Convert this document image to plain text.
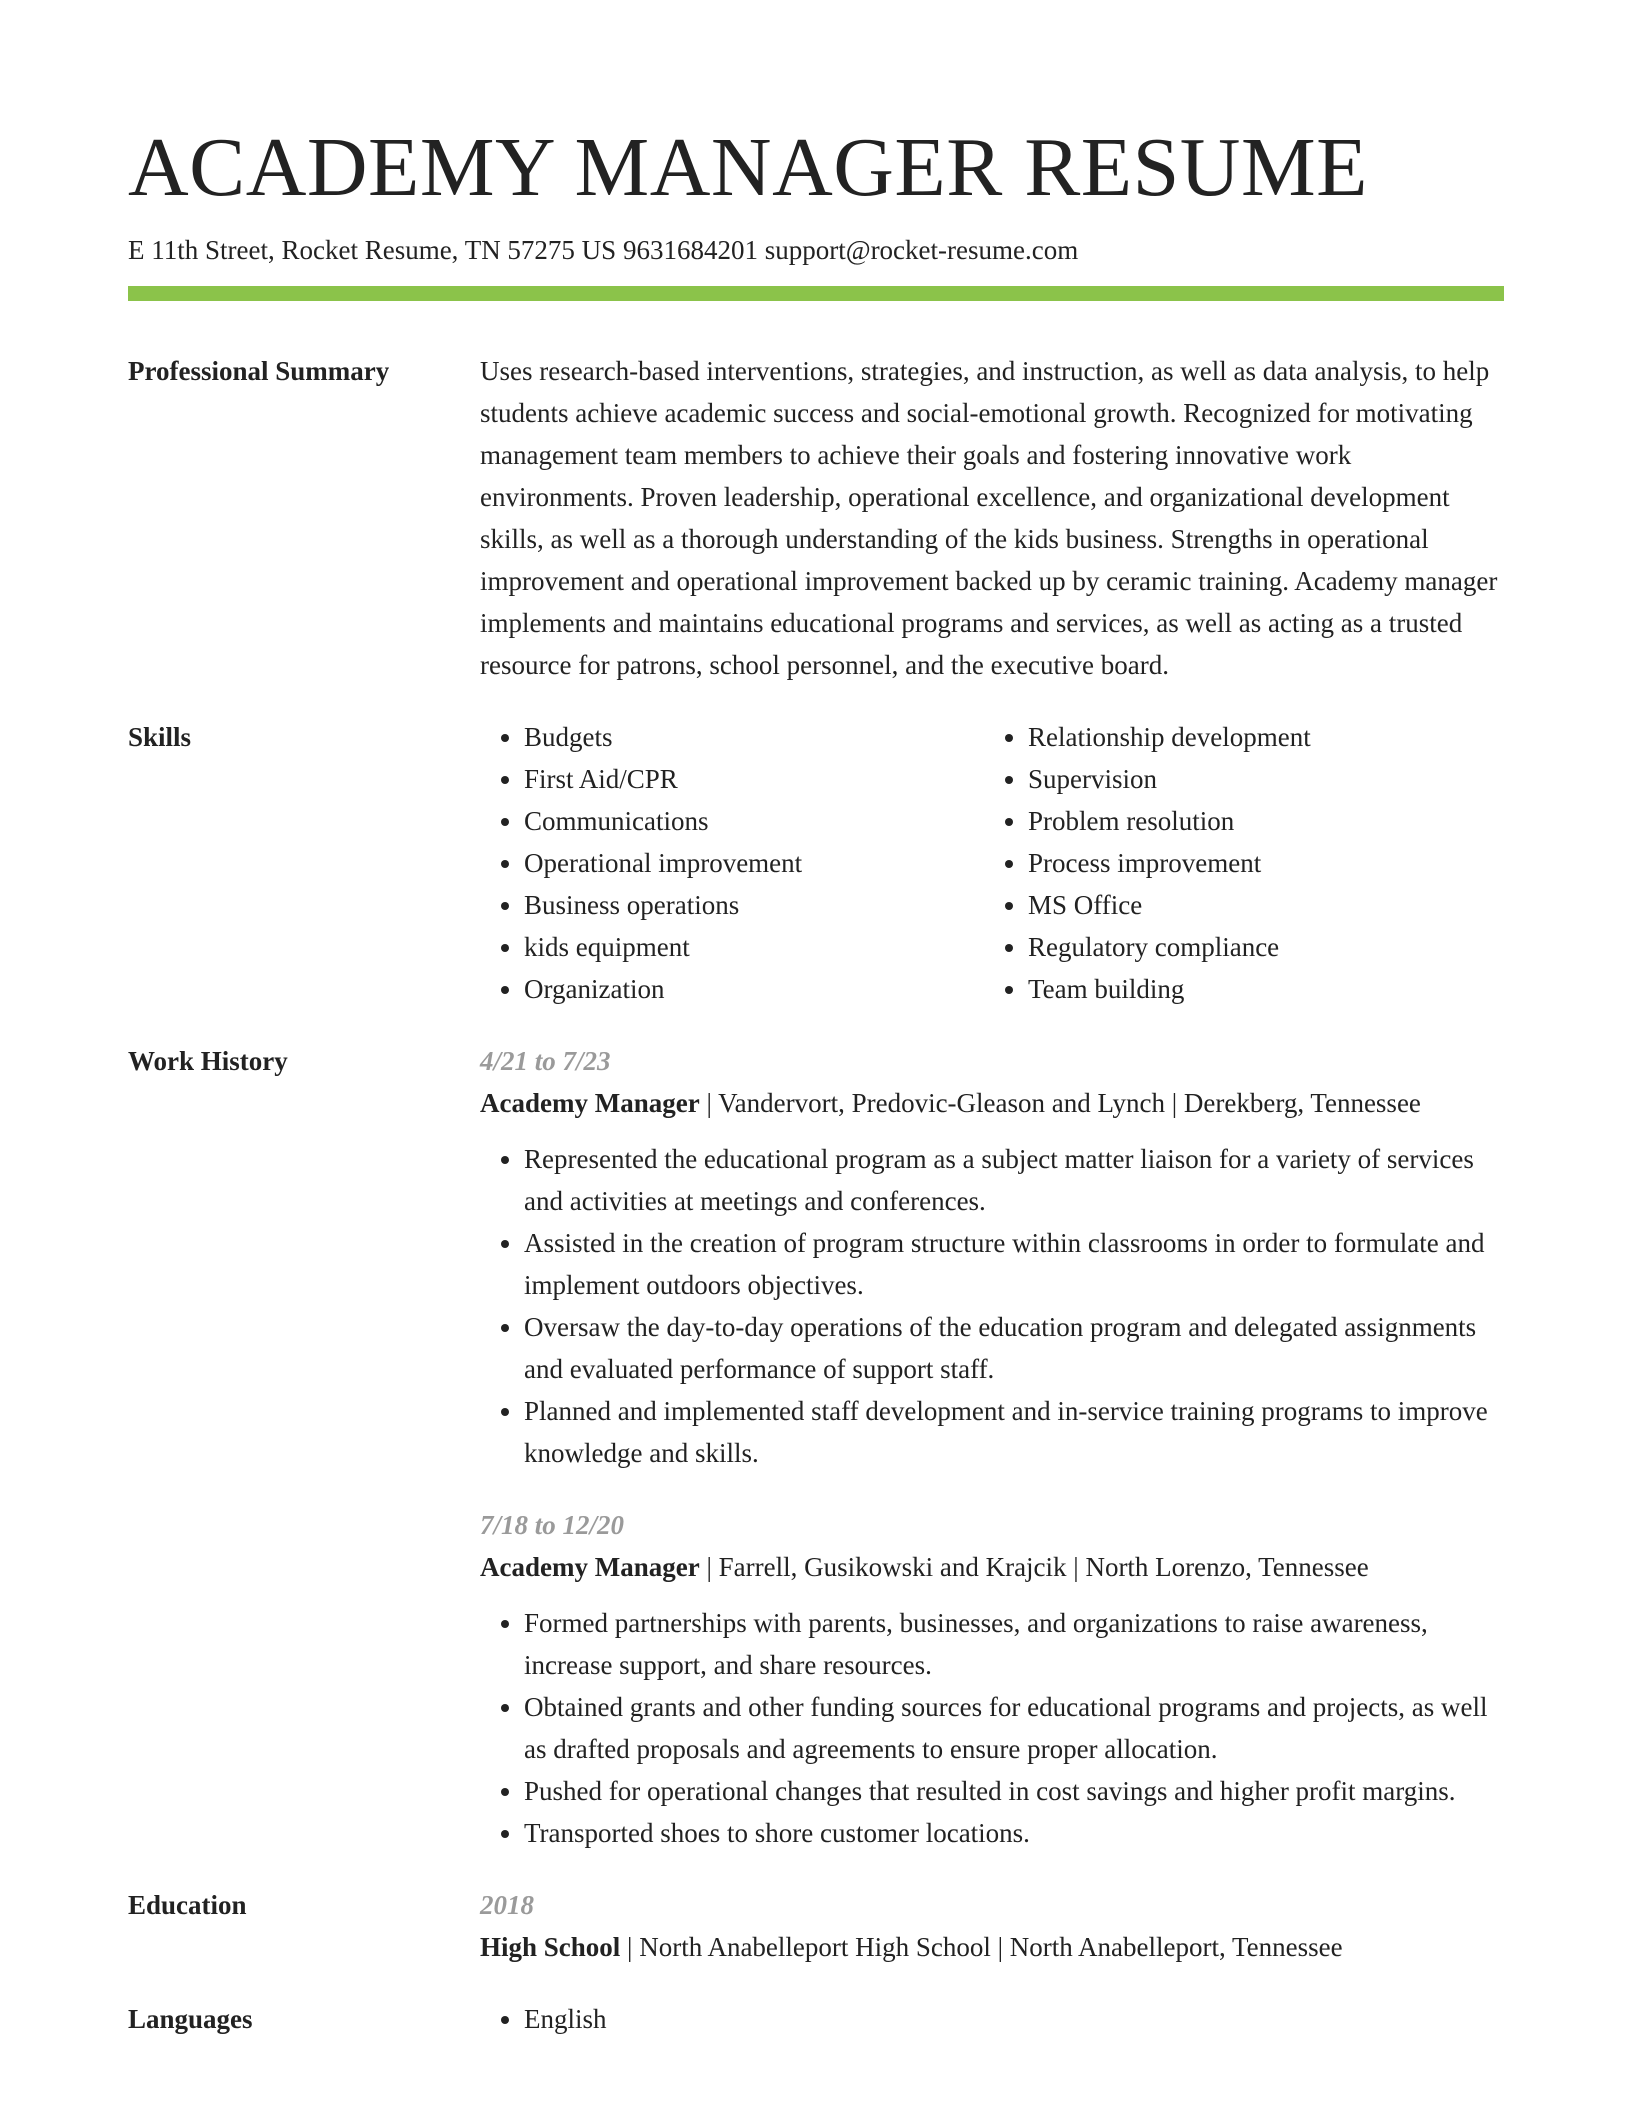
ACADEMY MANAGER RESUME
E 11th Street, Rocket Resume, TN 57275 US 9631684201 support@rocket-resume.com
Professional Summary	Uses research-based interventions, strategies, and instruction, as well as data analysis, to help students achieve academic success and social-emotional growth. Recognized for motivating management team members to achieve their goals and fostering innovative work environments. Proven leadership, operational excellence, and organizational development skills, as well as a thorough understanding of the kids business. Strengths in operational improvement and operational improvement backed up by ceramic training. Academy manager implements and maintains educational programs and services, as well as acting as a trusted resource for patrons, school personnel, and the executive board.

Skills	• Budgets
• First Aid/CPR
• Communications
• Operational improvement
• Business operations
• kids equipment
• Organization
• Relationship development
• Supervision
• Problem resolution
• Process improvement
• MS Office
• Regulatory compliance
• Team building
Work History	4/21 to 7/23
Academy Manager | Vandervort, Predovic-Gleason and Lynch | Derekberg, Tennessee
• Represented the educational program as a subject matter liaison for a variety of services and activities at meetings and conferences.
• Assisted in the creation of program structure within classrooms in order to formulate and implement outdoors objectives.
• Oversaw the day-to-day operations of the education program and delegated assignments and evaluated performance of support staff.
• Planned and implemented staff development and in-service training programs to improve knowledge and skills.
7/18 to 12/20
Academy Manager | Farrell, Gusikowski and Krajcik | North Lorenzo, Tennessee
• Formed partnerships with parents, businesses, and organizations to raise awareness, increase support, and share resources.
• Obtained grants and other funding sources for educational programs and projects, as well as drafted proposals and agreements to ensure proper allocation.
• Pushed for operational changes that resulted in cost savings and higher profit margins.
• Transported shoes to shore customer locations.
Education	2018
High School | North Anabelleport High School | North Anabelleport, Tennessee
Languages	• English
